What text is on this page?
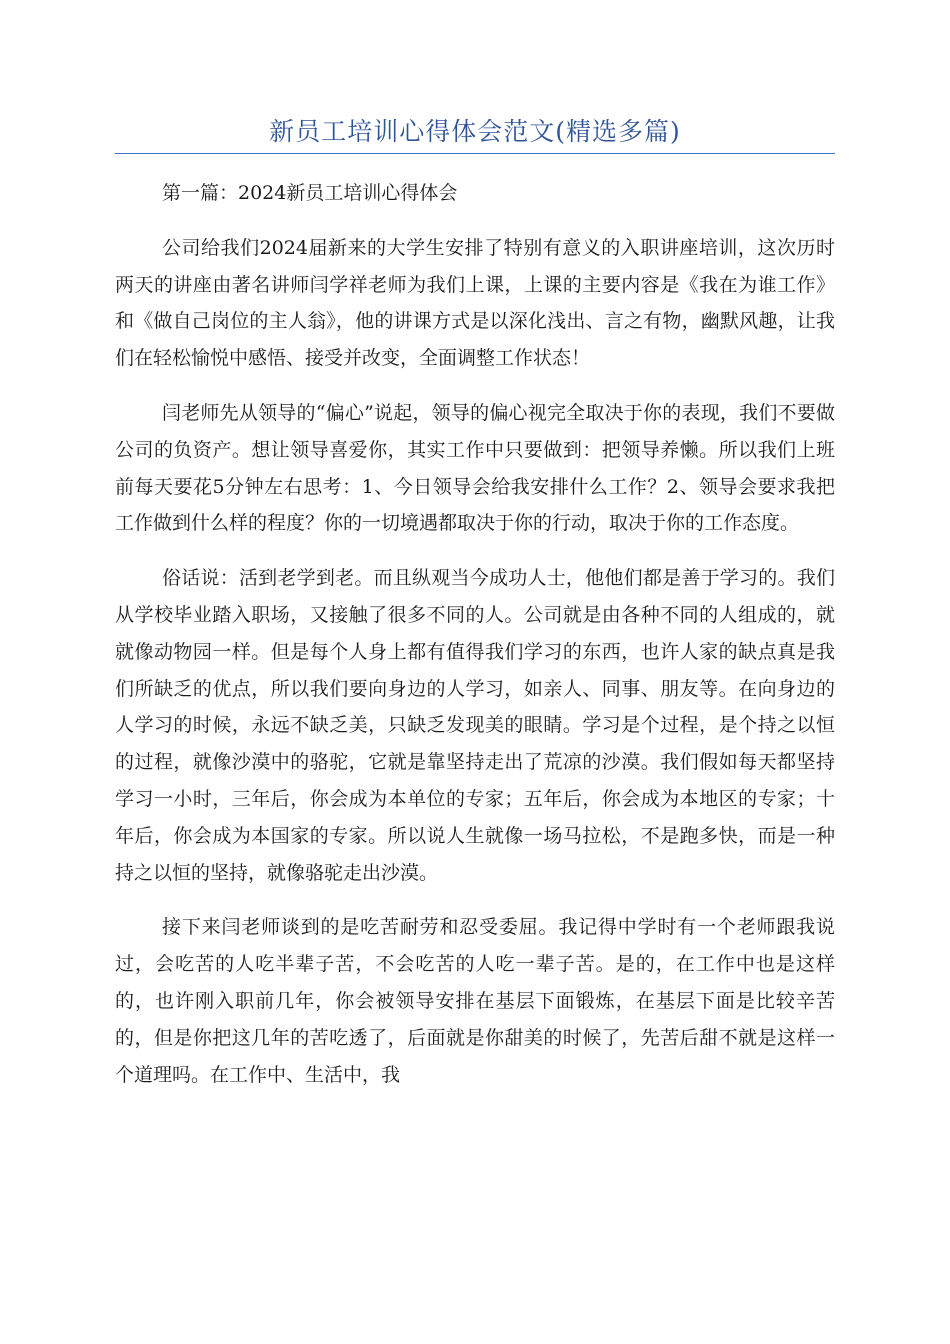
新员工培训心得体会范文(精选多篇)
第一篇：2024新员工培训心得体会

公司给我们2024届新来的大学生安排了特别有意义的入职讲座培训，这次历时两天的讲座由著名讲师闫学祥老师为我们上课，上课的主要内容是《我在为谁工作》和《做自己岗位的主人翁》，他的讲课方式是以深化浅出、言之有物，幽默风趣，让我们在轻松愉悦中感悟、接受并改变，全面调整工作状态！

闫老师先从领导的“偏心”说起，领导的偏心视完全取决于你的表现，我们不要做公司的负资产。想让领导喜爱你，其实工作中只要做到：把领导养懒。所以我们上班前每天要花5分钟左右思考：1、今日领导会给我安排什么工作？2、领导会要求我把工作做到什么样的程度？你的一切境遇都取决于你的行动，取决于你的工作态度。

俗话说：活到老学到老。而且纵观当今成功人士，他他们都是善于学习的。我们从学校毕业踏入职场，又接触了很多不同的人。公司就是由各种不同的人组成的，就就像动物园一样。但是每个人身上都有值得我们学习的东西，也许人家的缺点真是我们所缺乏的优点，所以我们要向身边的人学习，如亲人、同事、朋友等。在向身边的人学习的时候，永远不缺乏美，只缺乏发现美的眼睛。学习是个过程，是个持之以恒的过程，就像沙漠中的骆驼，它就是靠坚持走出了荒凉的沙漠。我们假如每天都坚持学习一小时，三年后，你会成为本单位的专家；五年后，你会成为本地区的专家；十年后，你会成为本国家的专家。所以说人生就像一场马拉松，不是跑多快，而是一种持之以恒的坚持，就像骆驼走出沙漠。

接下来闫老师谈到的是吃苦耐劳和忍受委屈。我记得中学时有一个老师跟我说过，会吃苦的人吃半辈子苦，不会吃苦的人吃一辈子苦。是的，在工作中也是这样的，也许刚入职前几年，你会被领导安排在基层下面锻炼，在基层下面是比较辛苦的，但是你把这几年的苦吃透了，后面就是你甜美的时候了，先苦后甜不就是这样一个道理吗。在工作中、生活中，我
